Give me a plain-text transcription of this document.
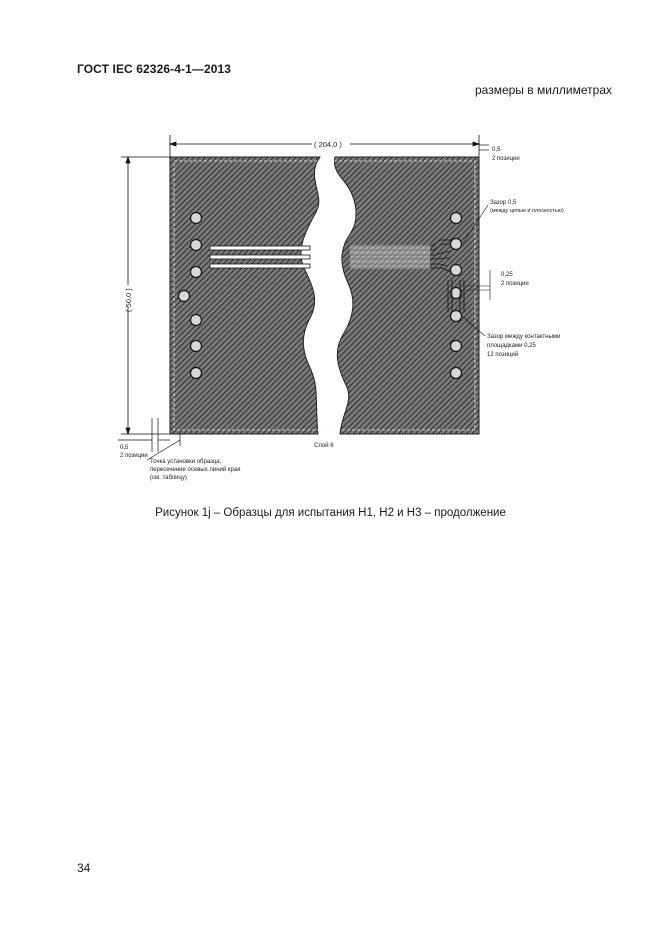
ГОСТ IEC 62326-4-1—2013
размеры в миллиметрах
( 204,0 )
( 50,0 )
0,5
2 позиции
Зазор 0,5
(между цепью и плоскостью)
0,25
2 позиции
Зазор между контактными
площадками 0,25
12 позиций
Слой 6
0,5
2 позиции
Точка установки образца,
пересечение осевых линий края
(см. таблицу)
Рисунок 1j – Образцы для испытания H1, H2 и H3 – продолжение
34
